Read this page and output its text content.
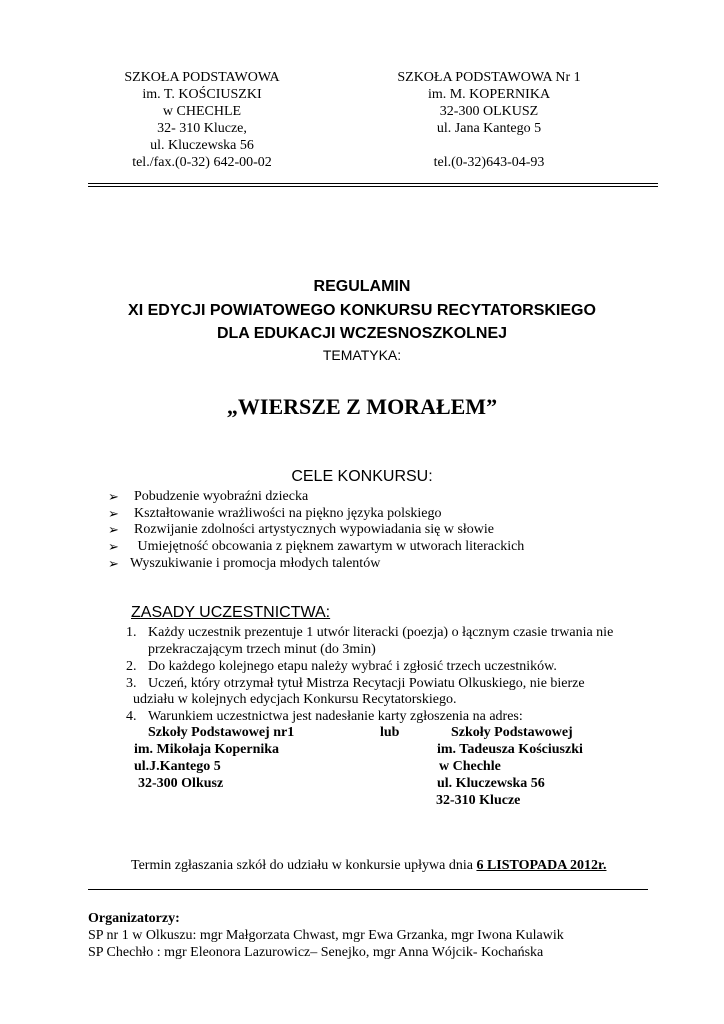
SZKOŁA PODSTAWOWA
im. T. KOŚCIUSZKI
w CHECHLE
32- 310 Klucze,
ul. Kluczewska 56
tel./fax.(0-32) 642-00-02
SZKOŁA PODSTAWOWA Nr 1
im. M. KOPERNIKA
32-300 OLKUSZ
ul. Jana Kantego 5
tel.(0-32)643-04-93
REGULAMIN
XI EDYCJI POWIATOWEGO KONKURSU RECYTATORSKIEGO
DLA EDUKACJI WCZESNOSZKOLNEJ
TEMATYKA:
„WIERSZE Z MORAŁEM”
CELE KONKURSU:
➢ Pobudzenie wyobraźni dziecka
➢ Kształtowanie wrażliwości na piękno języka polskiego
➢ Rozwijanie zdolności artystycznych wypowiadania się w słowie
➢ Umiejętność obcowania z pięknem zawartym w utworach literackich
➢ Wyszukiwanie i promocja młodych talentów
ZASADY UCZESTNICTWA:
1. Każdy uczestnik prezentuje 1 utwór literacki (poezja) o łącznym czasie trwania nie
przekraczającym trzech minut (do 3min)
2. Do każdego kolejnego etapu należy wybrać i zgłosić trzech uczestników.
3. Uczeń, który otrzymał tytuł Mistrza Recytacji Powiatu Olkuskiego, nie bierze
udziału w kolejnych edycjach Konkursu Recytatorskiego.
4. Warunkiem uczestnictwa jest nadesłanie karty zgłoszenia na adres:
Szkoły Podstawowej nr1
im. Mikołaja Kopernika
ul.J.Kantego 5
32-300 Olkusz
lub	Szkoły Podstawowej
im. Tadeusza Kościuszki
w Chechle
ul. Kluczewska 56
32-310 Klucze
Termin zgłaszania szkół do udziału w konkursie upływa dnia 6 LISTOPADA 2012r.
Organizatorzy:
SP nr 1 w Olkuszu: mgr Małgorzata Chwast, mgr Ewa Grzanka, mgr Iwona Kulawik
SP Chechło : mgr Eleonora Lazurowicz– Senejko, mgr Anna Wójcik- Kochańska
